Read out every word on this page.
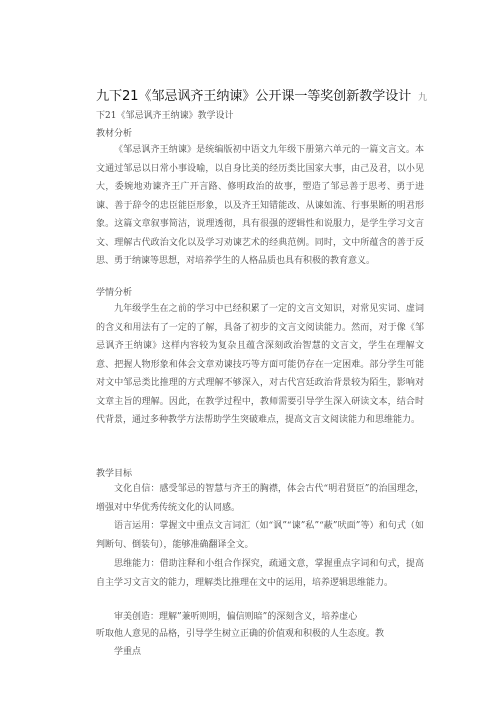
九下21《邹忌讽齐王纳谏》公开课一等奖创新教学设计 九
下21《邹忌讽齐王纳谏》教学设计
教材分析
《邹忌讽齐王纳谏》是统编版初中语文九年级下册第六单元的一篇文言文。本文通过邹忌以日常小事设喻，以自身比美的经历类比国家大事，由己及君，以小见大，委婉地劝谏齐王广开言路、修明政治的故事，塑造了邹忌善于思考、勇于进谏、善于辞令的忠臣能臣形象，以及齐王知错能改、从谏如流、行事果断的明君形象。这篇文章叙事简洁，说理透彻，具有很强的逻辑性和说服力，是学生学习文言文、理解古代政治文化以及学习劝谏艺术的经典范例。同时，文中所蕴含的善于反思、勇于纳谏等思想，对培养学生的人格品质也具有积极的教育意义。
学情分析
九年级学生在之前的学习中已经积累了一定的文言文知识，对常见实词、虚词的含义和用法有了一定的了解，具备了初步的文言文阅读能力。然而，对于像《邹忌讽齐王纳谏》这样内容较为复杂且蕴含深刻政治智慧的文言文，学生在理解文意、把握人物形象和体会文章劝谏技巧等方面可能仍存在一定困难。部分学生可能对文中邹忌类比推理的方式理解不够深入，对古代宫廷政治背景较为陌生，影响对文章主旨的理解。因此，在教学过程中，教师需要引导学生深入研读文本，结合时代背景，通过多种教学方法帮助学生突破难点，提高文言文阅读能力和思维能力。
教学目标
文化自信：感受邹忌的智慧与齐王的胸襟，体会古代“明君贤臣”的治国理念，增强对中华优秀传统文化的认同感。
语言运用：掌握文中重点文言词汇（如“讽”“谏”私”“蔽”吠面”等）和句式（如判断句、倒装句），能够准确翻译全文。
思维能力：借助注释和小组合作探究，疏通文意，掌握重点字词和句式，提高自主学习文言文的能力，理解类比推理在文中的运用，培养逻辑思维能力。
审美创造：理解”兼听则明，偏信则暗”的深刻含义，培养虚心
听取他人意见的品格，引导学生树立正确的价值观和积极的人生态度。教
学重点
